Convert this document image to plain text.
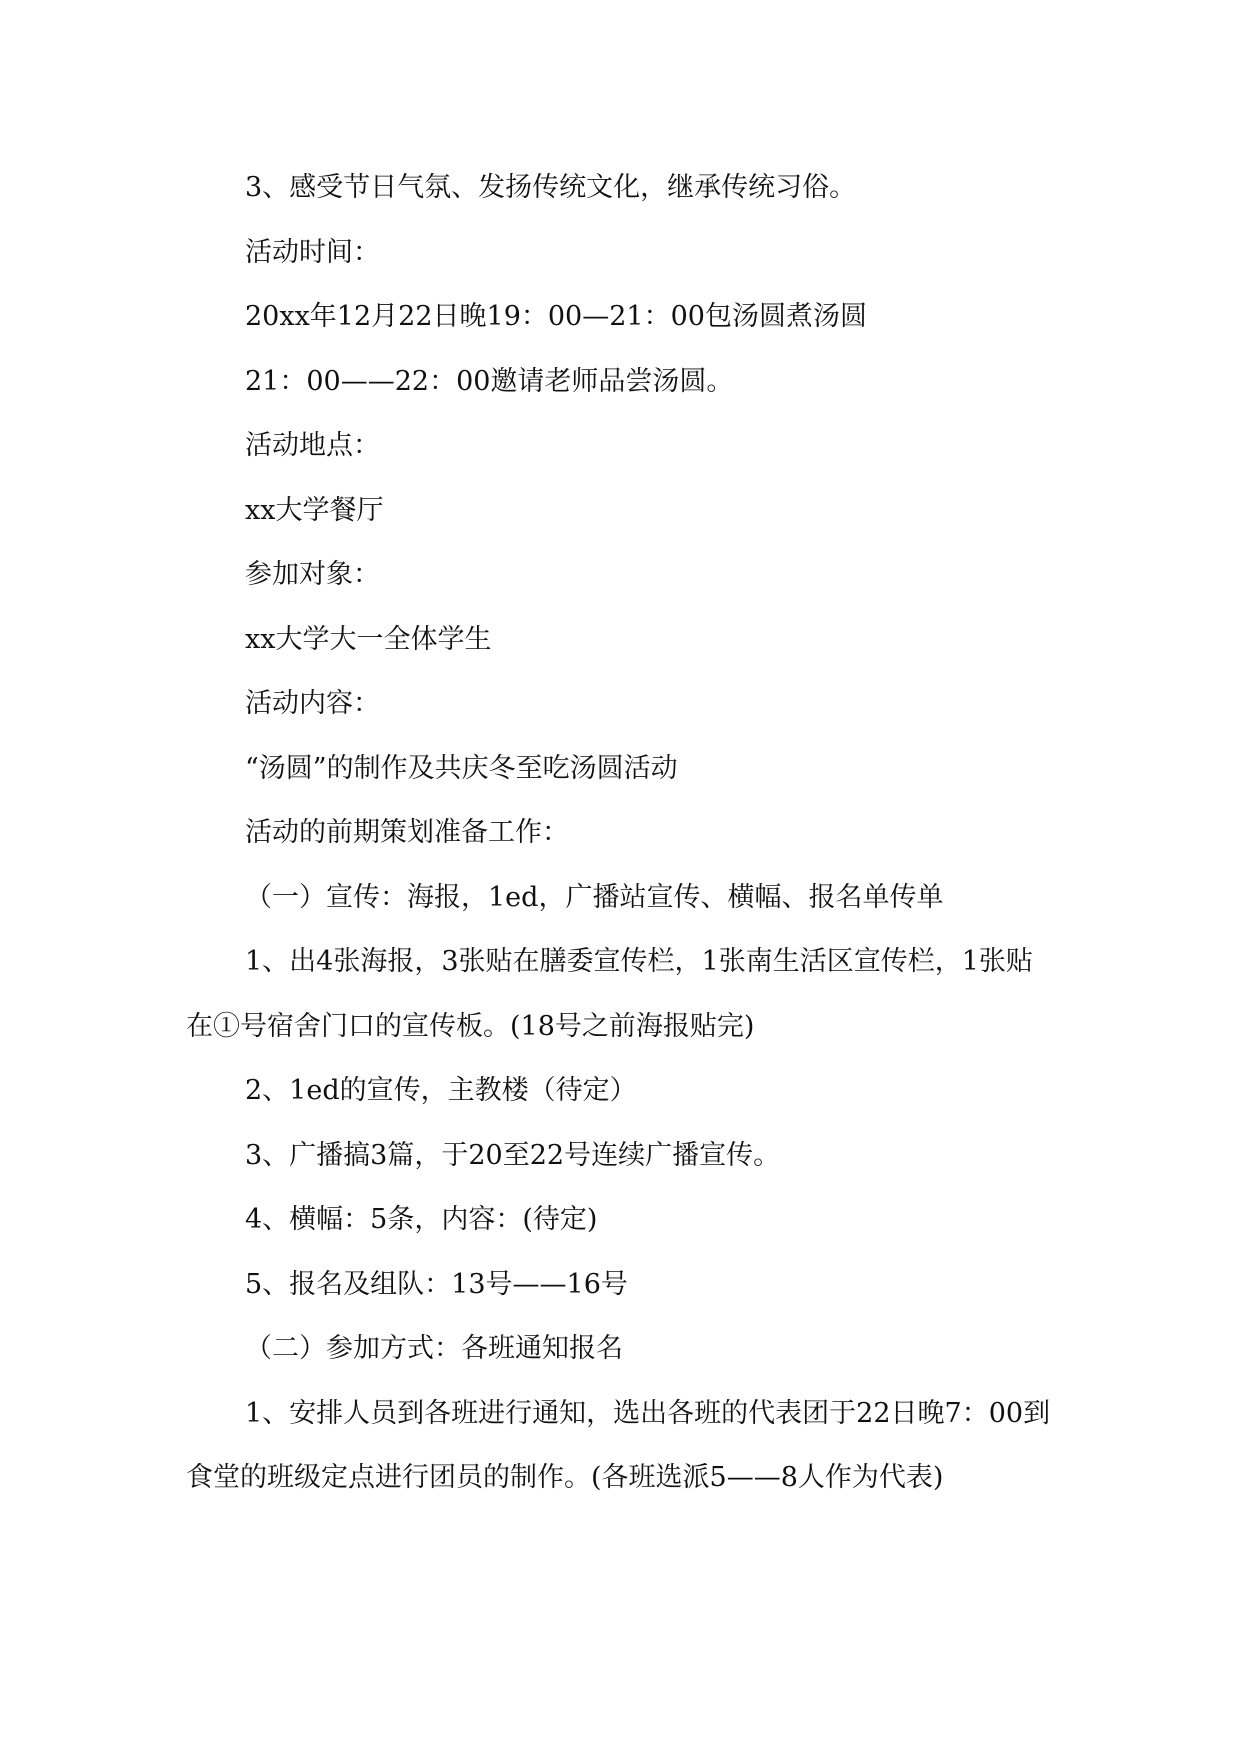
3、感受节日气氛、发扬传统文化，继承传统习俗。

活动时间：

20xx年12月22日晚19：00—21：00包汤圆煮汤圆

21：00——22：00邀请老师品尝汤圆。

活动地点：

xx大学餐厅

参加对象：

xx大学大一全体学生

活动内容：

“汤圆”的制作及共庆冬至吃汤圆活动

活动的前期策划准备工作：

（一）宣传：海报，1ed，广播站宣传、横幅、报名单传单

1、出4张海报，3张贴在膳委宣传栏，1张南生活区宣传栏，1张贴在①号宿舍门口的宣传板。(18号之前海报贴完)

2、1ed的宣传，主教楼（待定）

3、广播搞3篇，于20至22号连续广播宣传。

4、横幅：5条，内容：(待定)

5、报名及组队：13号——16号

（二）参加方式：各班通知报名

1、安排人员到各班进行通知，选出各班的代表团于22日晚7：00到食堂的班级定点进行团员的制作。(各班选派5——8人作为代表)
